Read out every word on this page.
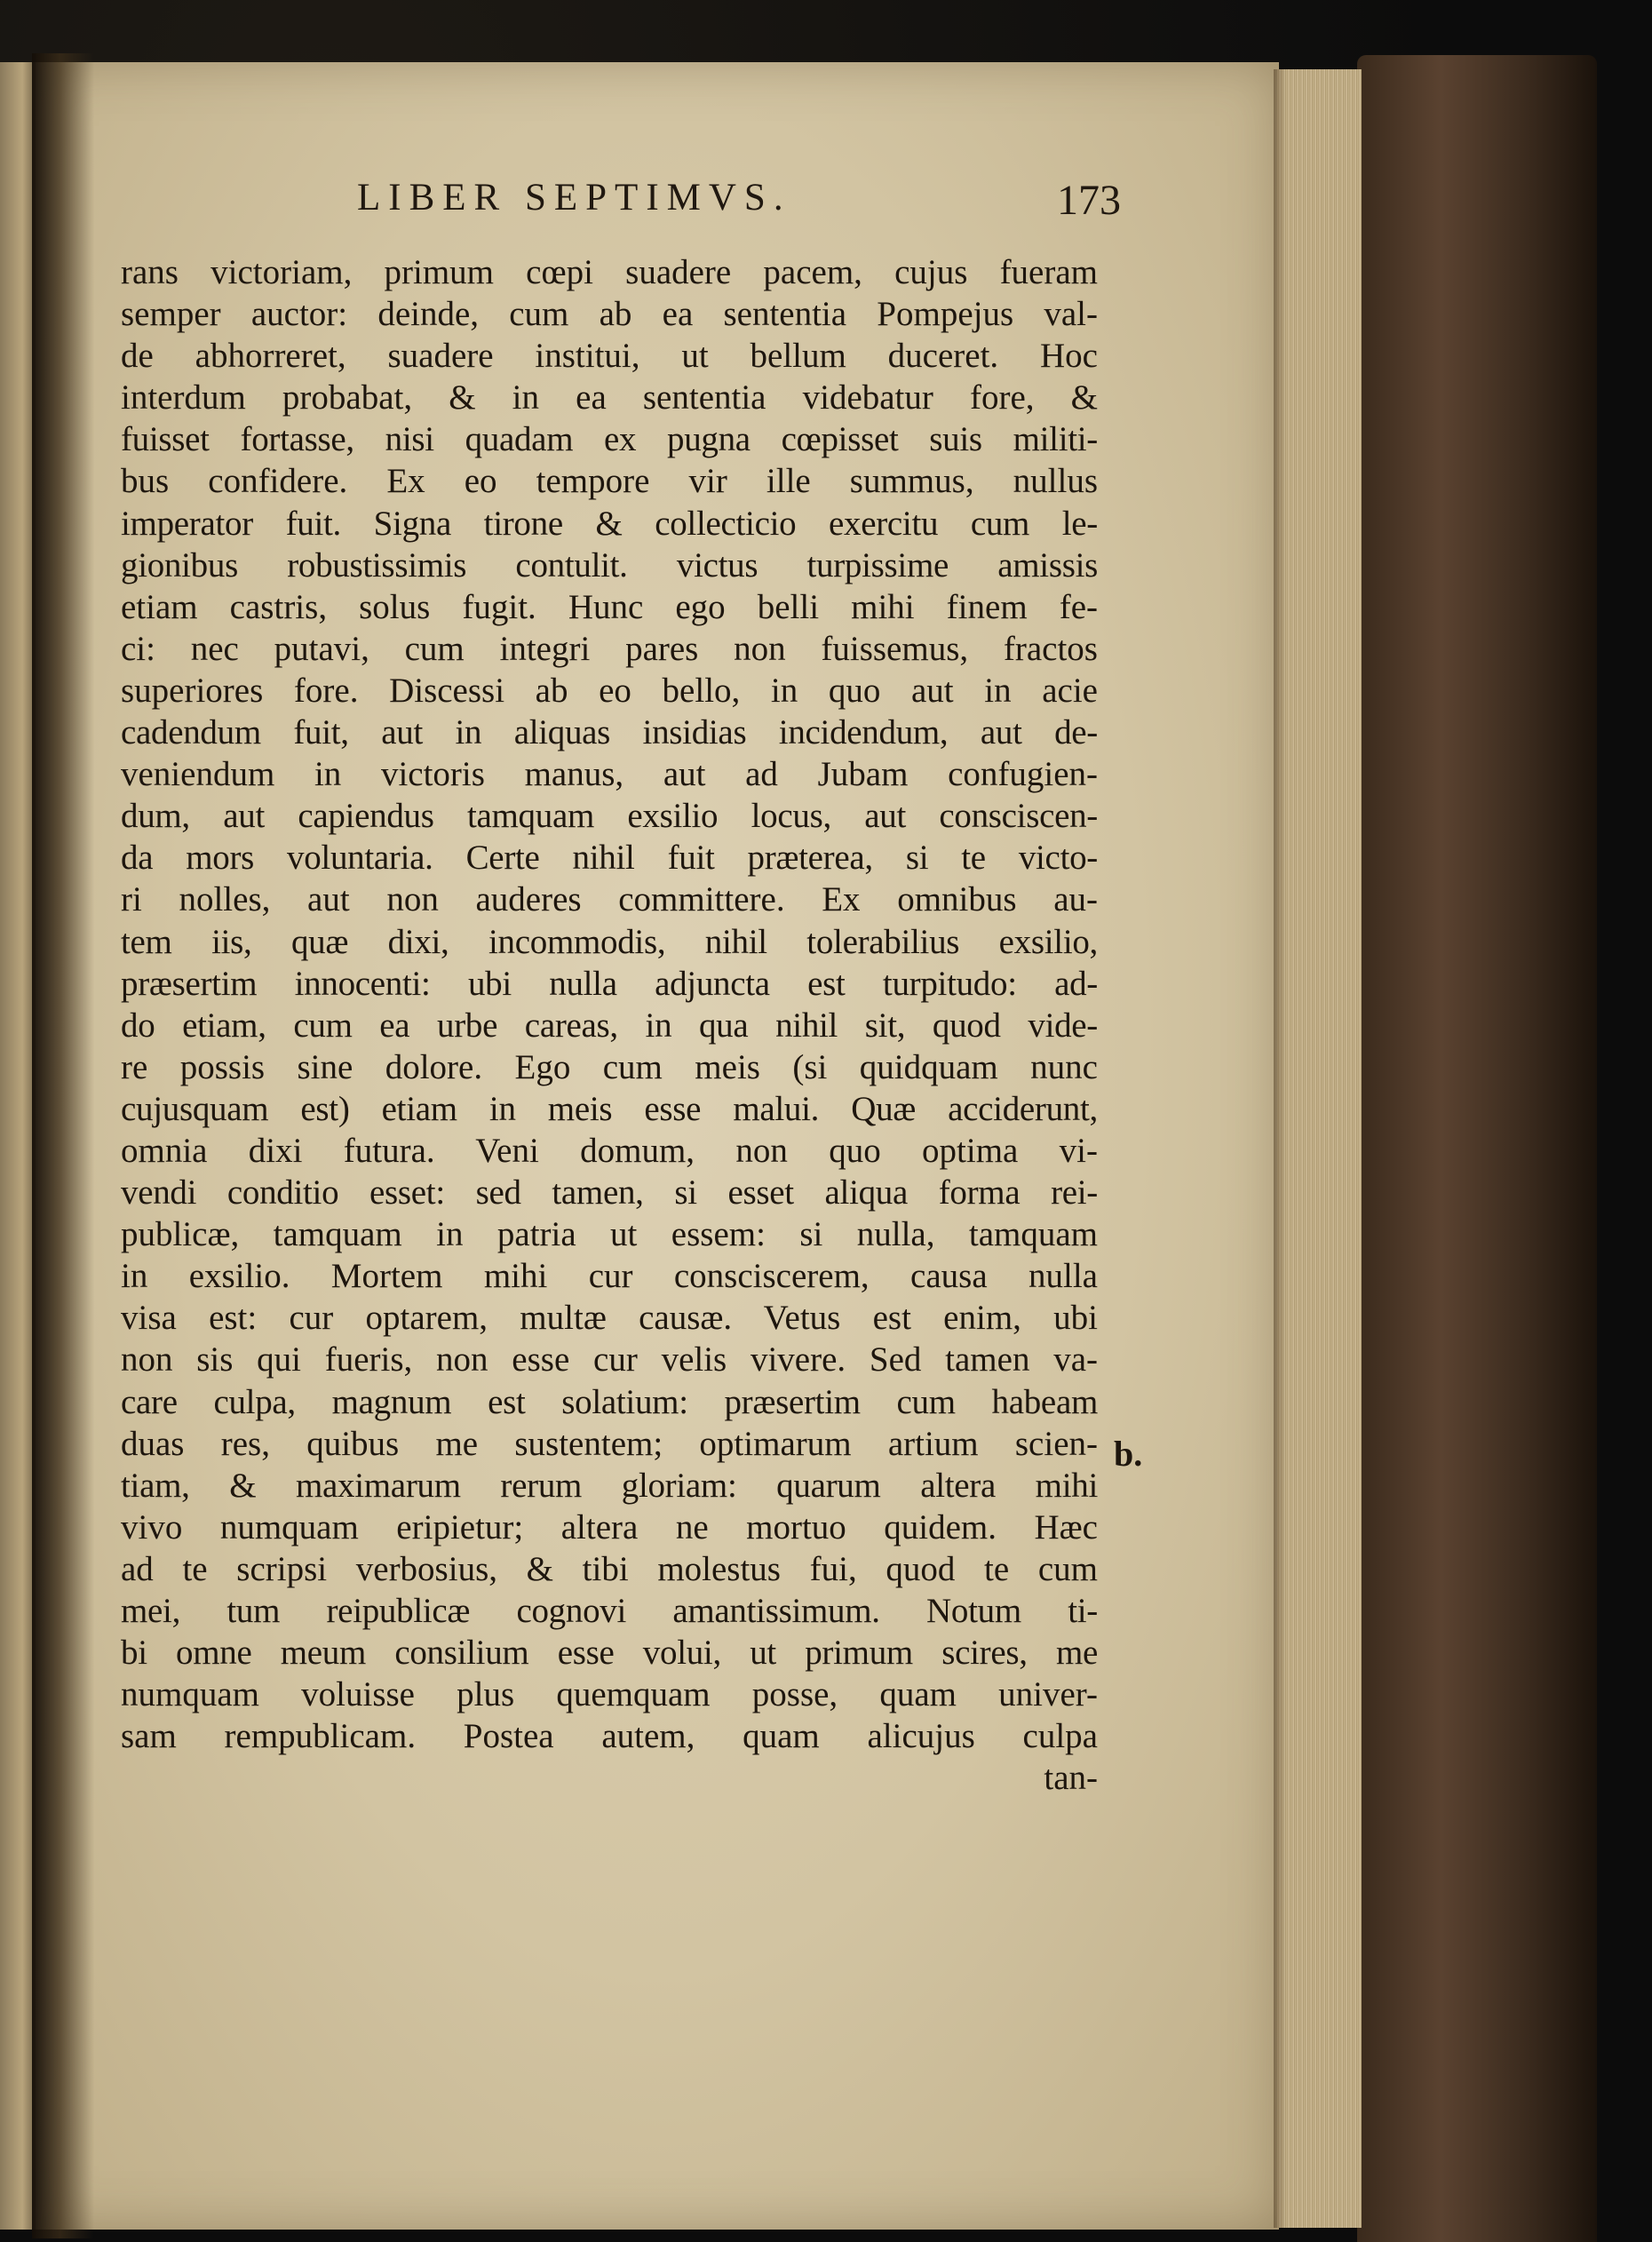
LIBER SEPTIMVS.	173
rans victoriam, primum cœpi suadere pacem, cujus fueram
semper auctor: deinde, cum ab ea sententia Pompejus val-
de abhorreret, suadere institui, ut bellum duceret. Hoc
interdum probabat, & in ea sententia videbatur fore, &
fuisset fortasse, nisi quadam ex pugna cœpisset suis militi-
bus confidere. Ex eo tempore vir ille summus, nullus
imperator fuit. Signa tirone & collecticio exercitu cum le-
gionibus robustissimis contulit. victus turpissime amissis
etiam castris, solus fugit. Hunc ego belli mihi finem fe-
ci: nec putavi, cum integri pares non fuissemus, fractos
superiores fore. Discessi ab eo bello, in quo aut in acie
cadendum fuit, aut in aliquas insidias incidendum, aut de-
veniendum in victoris manus, aut ad Jubam confugien-
dum, aut capiendus tamquam exsilio locus, aut consciscen-
da mors voluntaria. Certe nihil fuit præterea, si te victo-
ri nolles, aut non auderes committere. Ex omnibus au-
tem iis, quæ dixi, incommodis, nihil tolerabilius exsilio,
præsertim innocenti: ubi nulla adjuncta est turpitudo: ad-
do etiam, cum ea urbe careas, in qua nihil sit, quod vide-
re possis sine dolore. Ego cum meis (si quidquam nunc
cujusquam est) etiam in meis esse malui. Quæ acciderunt,
omnia dixi futura. Veni domum, non quo optima vi-
vendi conditio esset: sed tamen, si esset aliqua forma rei-
publicæ, tamquam in patria ut essem: si nulla, tamquam
in exsilio. Mortem mihi cur consciscerem, causa nulla
visa est: cur optarem, multæ causæ. Vetus est enim, ubi
non sis qui fueris, non esse cur velis vivere. Sed tamen va-
care culpa, magnum est solatium: præsertim cum habeam
duas res, quibus me sustentem; optimarum artium scien-
tiam, & maximarum rerum gloriam: quarum altera mihi
vivo numquam eripietur; altera ne mortuo quidem. Hæc
ad te scripsi verbosius, & tibi molestus fui, quod te cum
mei, tum reipublicæ cognovi amantissimum. Notum ti-
bi omne meum consilium esse volui, ut primum scires, me
numquam voluisse plus quemquam posse, quam univer-
sam rempublicam. Postea autem, quam alicujus culpa
tan-
b.
